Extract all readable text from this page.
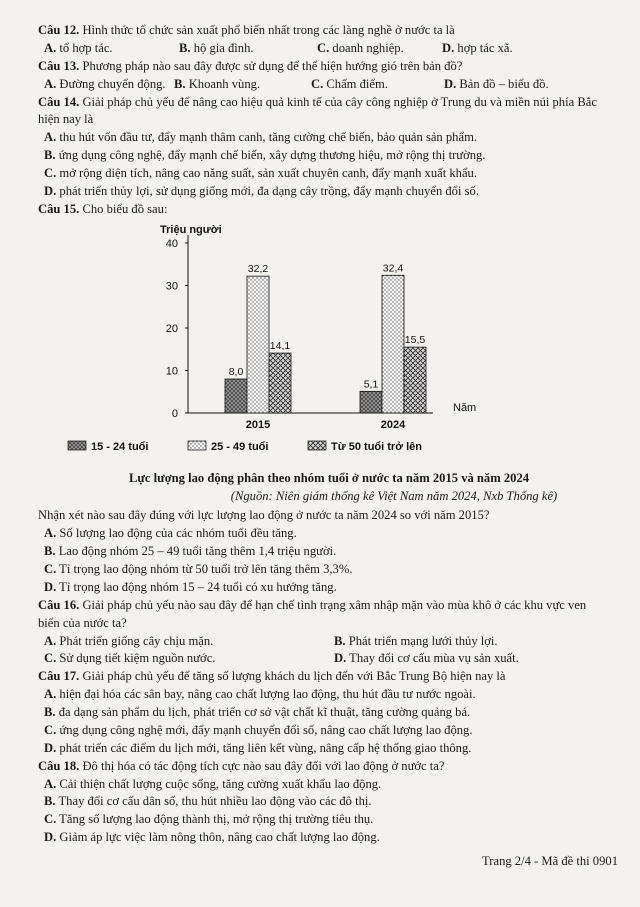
Câu 12. Hình thức tổ chức sản xuất phổ biến nhất trong các làng nghề ở nước ta là

A. tổ hợp tác.	B. hộ gia đình.	C. doanh nghiệp.	D. hợp tác xã.

Câu 13. Phương pháp nào sau đây được sử dụng để thể hiện hướng gió trên bản đồ?

A. Đường chuyển động. B. Khoanh vùng.	C. Chấm điểm.	D. Bản đồ – biểu đồ.

Câu 14. Giải pháp chủ yếu để nâng cao hiệu quả kinh tế của cây công nghiệp ở Trung du và miền núi phía Bắc hiện nay là

A. thu hút vốn đầu tư, đẩy mạnh thâm canh, tăng cường chế biến, bảo quản sản phẩm.
B. ứng dụng công nghệ, đẩy mạnh chế biến, xây dựng thương hiệu, mở rộng thị trường.
C. mở rộng diện tích, nâng cao năng suất, sản xuất chuyên canh, đẩy mạnh xuất khẩu.
D. phát triển thủy lợi, sử dụng giống mới, đa dạng cây trồng, đẩy mạnh chuyển đổi số.

Câu 15. Cho biểu đồ sau:

0
10
20
30
40
Triệu người
Năm
8,0
32,2
14,1
2015
5,1
32,4
15,5
2024
15 - 24 tuổi	25 - 49 tuổi	Từ 50 tuổi trở lên
Lực lượng lao động phân theo nhóm tuổi ở nước ta năm 2015 và năm 2024
(Nguồn: Niên giám thống kê Việt Nam năm 2024, Nxb Thống kê)

Nhận xét nào sau đây đúng với lực lượng lao động ở nước ta năm 2024 so với năm 2015?

A. Số lượng lao động của các nhóm tuổi đều tăng.
B. Lao động nhóm 25 – 49 tuổi tăng thêm 1,4 triệu người.
C. Tỉ trọng lao động nhóm từ 50 tuổi trở lên tăng thêm 3,3%.
D. Tỉ trọng lao động nhóm 15 – 24 tuổi có xu hướng tăng.

Câu 16. Giải pháp chủ yếu nào sau đây để hạn chế tình trạng xâm nhập mặn vào mùa khô ở các khu vực ven biển của nước ta?

A. Phát triển giống cây chịu mặn.	B. Phát triển mạng lưới thủy lợi.
C. Sử dụng tiết kiệm nguồn nước.	D. Thay đổi cơ cấu mùa vụ sản xuất.

Câu 17. Giải pháp chủ yếu để tăng số lượng khách du lịch đến với Bắc Trung Bộ hiện nay là

A. hiện đại hóa các sân bay, nâng cao chất lượng lao động, thu hút đầu tư nước ngoài.
B. đa dạng sản phẩm du lịch, phát triển cơ sở vật chất kĩ thuật, tăng cường quảng bá.
C. ứng dụng công nghệ mới, đẩy mạnh chuyển đổi số, nâng cao chất lượng lao động.
D. phát triển các điểm du lịch mới, tăng liên kết vùng, nâng cấp hệ thống giao thông.

Câu 18. Đô thị hóa có tác động tích cực nào sau đây đối với lao động ở nước ta?

A. Cải thiện chất lượng cuộc sống, tăng cường xuất khẩu lao động.
B. Thay đổi cơ cấu dân số, thu hút nhiều lao động vào các đô thị.
C. Tăng số lượng lao động thành thị, mở rộng thị trường tiêu thụ.
D. Giảm áp lực việc làm nông thôn, nâng cao chất lượng lao động.
Trang 2/4 - Mã đề thi 0901
